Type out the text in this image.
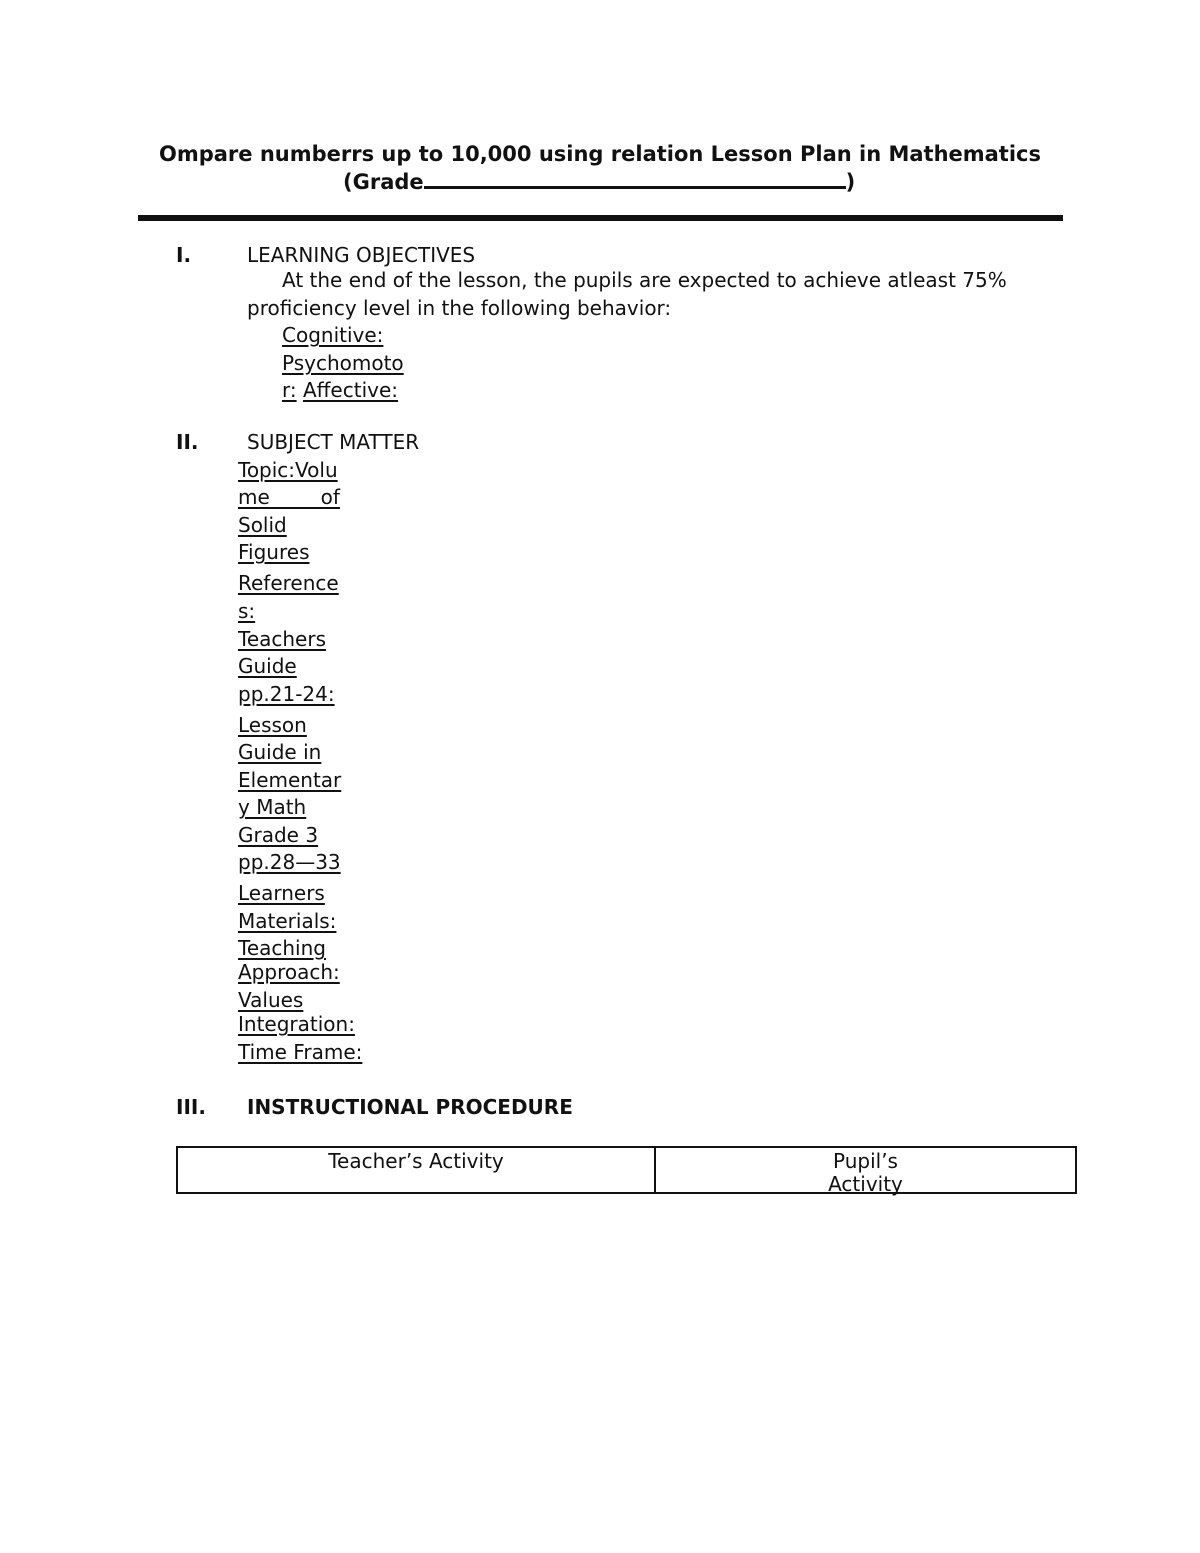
Ompare numberrs up to 10,000 using relation Lesson Plan in Mathematics
(Grade	)
I.	LEARNING OBJECTIVES
At the end of the lesson, the pupils are expected to achieve atleast 75%
proficiency level in the following behavior:
Cognitive:
Psychomoto
r: Affective:
II. SUBJECT MATTER
Topic:Volu
me        of
Solid
Figures
Reference
s:
Teachers
Guide
pp.21-24:
Lesson
Guide in
Elementar
y Math
Grade 3
pp.28—33
Learners
Materials:
Teaching
Approach:
Values
Integration:
Time Frame:
III. INSTRUCTIONAL PROCEDURE
Teacher’s Activity	Pupil’s
Activity
